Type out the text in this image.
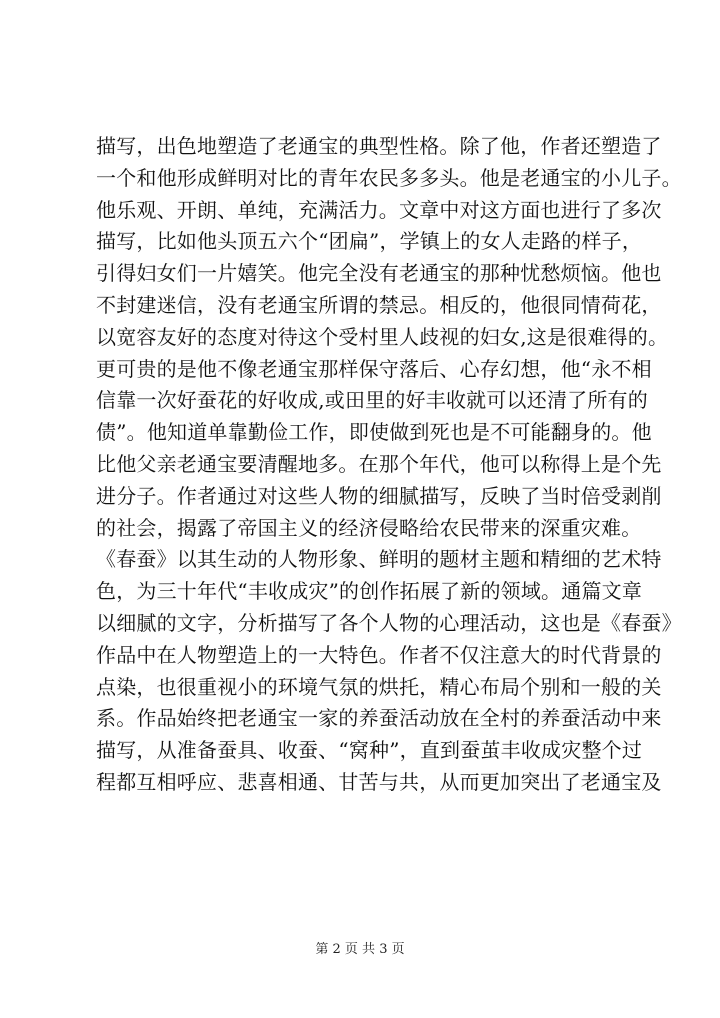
描写，出色地塑造了老通宝的典型性格。除了他，作者还塑造了
一个和他形成鲜明对比的青年农民多多头。他是老通宝的小儿子。
他乐观、开朗、单纯，充满活力。文章中对这方面也进行了多次
描写，比如他头顶五六个“团扁”，学镇上的女人走路的样子，
引得妇女们一片嬉笑。他完全没有老通宝的那种忧愁烦恼。他也
不封建迷信，没有老通宝所谓的禁忌。相反的，他很同情荷花，
以宽容友好的态度对待这个受村里人歧视的妇女,这是很难得的。
更可贵的是他不像老通宝那样保守落后、心存幻想，他“永不相
信靠一次好蚕花的好收成,或田里的好丰收就可以还清了所有的
债”。他知道单靠勤俭工作，即使做到死也是不可能翻身的。他
比他父亲老通宝要清醒地多。在那个年代，他可以称得上是个先
进分子。作者通过对这些人物的细腻描写，反映了当时倍受剥削
的社会，揭露了帝国主义的经济侵略给农民带来的深重灾难。
《春蚕》以其生动的人物形象、鲜明的题材主题和精细的艺术特
色，为三十年代“丰收成灾”的创作拓展了新的领域。通篇文章
以细腻的文字，分析描写了各个人物的心理活动，这也是《春蚕》
作品中在人物塑造上的一大特色。作者不仅注意大的时代背景的
点染，也很重视小的环境气氛的烘托，精心布局个别和一般的关
系。作品始终把老通宝一家的养蚕活动放在全村的养蚕活动中来
描写，从准备蚕具、收蚕、“窝种”，直到蚕茧丰收成灾整个过
程都互相呼应、悲喜相通、甘苦与共，从而更加突出了老通宝及
第 2 页 共 3 页
